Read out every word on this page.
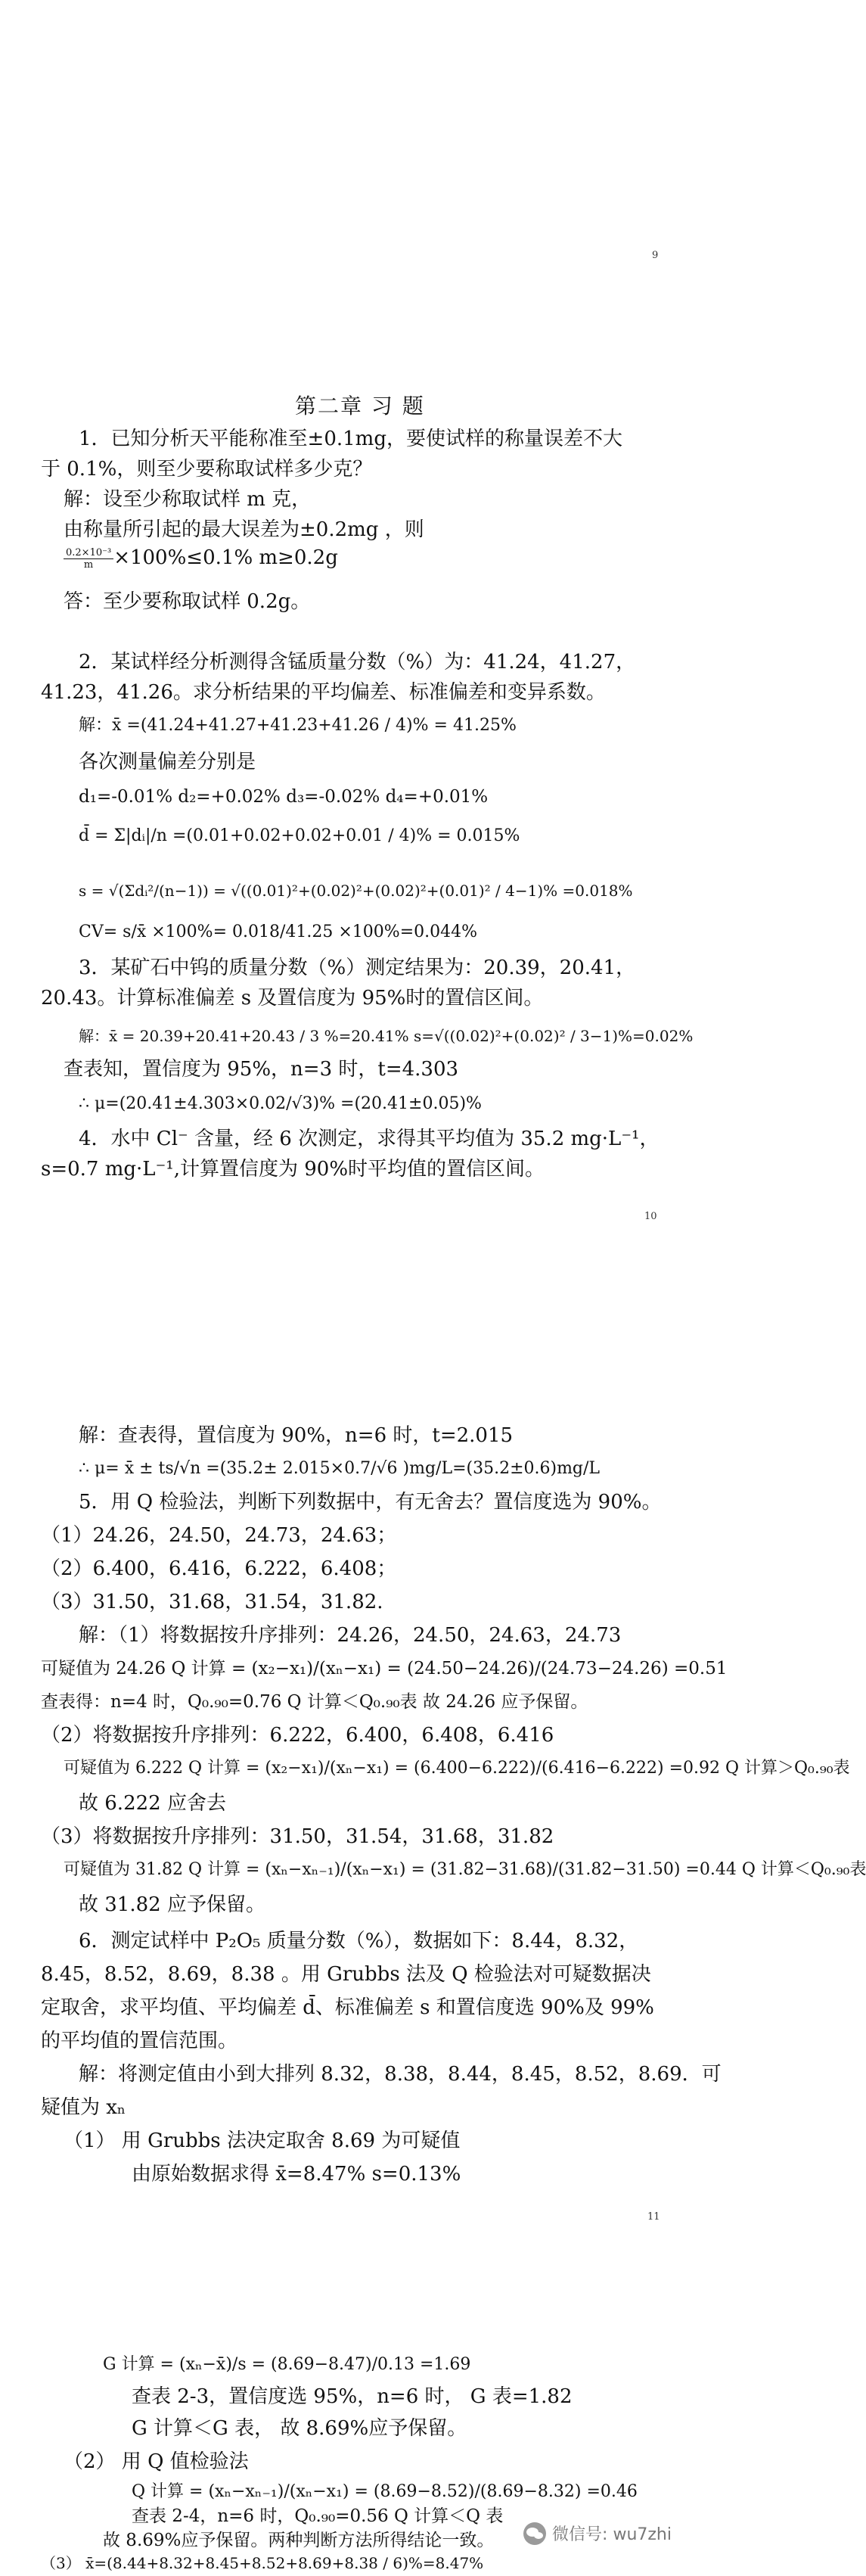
9
第二章 习 题
1．已知分析天平能称准至±0.1mg，要使试样的称量误差不大
于 0.1%，则至少要称取试样多少克？
解：设至少称取试样 m 克，
由称量所引起的最大误差为±0.2mg ，则
$\frac{\text{0.2×10⁻³}}{m} \times 100\%\le 0.1\%$ m≥0.2g
答：至少要称取试样 0.2g。
2．某试样经分析测得含锰质量分数（%）为：41.24，41.27，
41.23，41.26。求分析结果的平均偏差、标准偏差和变异系数。
解：x̄ =(41.24+41.27+41.23+41.26 / 4)% = 41.25%
各次测量偏差分别是
d₁=-0.01% d₂=+0.02% d₃=-0.02% d₄=+0.01%
d̄ = Σ|dᵢ|/n =(0.01+0.02+0.02+0.01 / 4)% = 0.015%
s = √(Σdᵢ²/(n−1)) = √((0.01)²+(0.02)²+(0.02)²+(0.01)² / 4−1)% =0.018%
CV= s/x̄ ×100%= 0.018/41.25 ×100%=0.044%
3．某矿石中钨的质量分数（%）测定结果为：20.39，20.41，
20.43。计算标准偏差 s 及置信度为 95%时的置信区间。
解：x̄ = 20.39+20.41+20.43 / 3 %=20.41% s=√((0.02)²+(0.02)² / 3−1)%=0.02%
查表知，置信度为 95%，n=3 时，t=4.303
∴ μ=(20.41±4.303×0.02/√3)% =(20.41±0.05)%
4．水中 Cl⁻ 含量，经 6 次测定，求得其平均值为 35.2 mg·L⁻¹，
s=0.7 mg·L⁻¹,计算置信度为 90%时平均值的置信区间。
10
解：查表得，置信度为 90%，n=6 时，t=2.015
∴ μ= x̄ ± ts/√n =(35.2± 2.015×0.7/√6 )mg/L=(35.2±0.6)mg/L
5．用 Q 检验法，判断下列数据中，有无舍去？置信度选为 90%。
（1）24.26，24.50，24.73，24.63；
（2）6.400，6.416，6.222，6.408；
（3）31.50，31.68，31.54，31.82.
解：（1）将数据按升序排列：24.26，24.50，24.63，24.73
可疑值为 24.26 Q 计算 = (x₂−x₁)/(xₙ−x₁) = (24.50−24.26)/(24.73−24.26) =0.51
查表得：n=4 时，Q₀.₉₀=0.76 Q 计算＜Q₀.₉₀表 故 24.26 应予保留。
（2）将数据按升序排列：6.222，6.400，6.408，6.416
可疑值为 6.222 Q 计算 = (x₂−x₁)/(xₙ−x₁) = (6.400−6.222)/(6.416−6.222) =0.92 Q 计算＞Q₀.₉₀表
故 6.222 应舍去
（3）将数据按升序排列：31.50，31.54，31.68，31.82
可疑值为 31.82 Q 计算 = (xₙ−xₙ₋₁)/(xₙ−x₁) = (31.82−31.68)/(31.82−31.50) =0.44 Q 计算＜Q₀.₉₀表
故 31.82 应予保留。
6．测定试样中 P₂O₅ 质量分数（%），数据如下：8.44，8.32，
8.45，8.52，8.69，8.38 。用 Grubbs 法及 Q 检验法对可疑数据决
定取舍，求平均值、平均偏差 d̄、标准偏差 s 和置信度选 90%及 99%
的平均值的置信范围。
解：将测定值由小到大排列 8.32，8.38，8.44，8.45，8.52，8.69．可
疑值为 xₙ
（1） 用 Grubbs 法决定取舍 8.69 为可疑值
由原始数据求得 x̄=8.47% s=0.13%
11
G 计算 = (xₙ−x̄)/s = (8.69−8.47)/0.13 =1.69
查表 2-3，置信度选 95%，n=6 时， G 表=1.82
G 计算＜G 表， 故 8.69%应予保留。
（2） 用 Q 值检验法
Q 计算 = (xₙ−xₙ₋₁)/(xₙ−x₁) = (8.69−8.52)/(8.69−8.32) =0.46
查表 2-4，n=6 时，Q₀.₉₀=0.56 Q 计算＜Q 表
故 8.69%应予保留。两种判断方法所得结论一致。
（3） x̄=(8.44+8.32+8.45+8.52+8.69+8.38 / 6)%=8.47%
微信号: wu7zhi
